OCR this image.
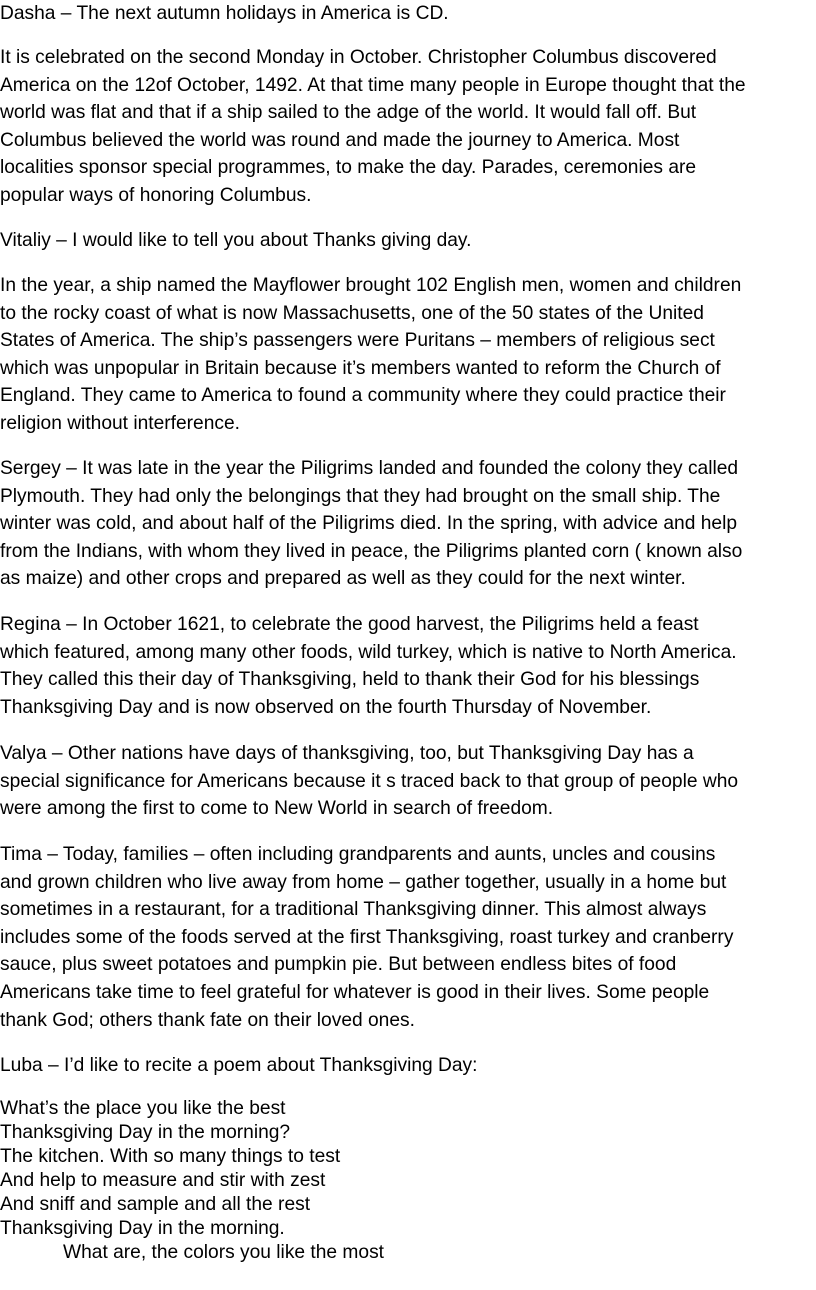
Dasha – The next autumn holidays in America is CD.
It is celebrated on the second Monday in October. Christopher Columbus discovered
America on the 12of October, 1492. At that time many people in Europe thought that the
world was flat and that if a ship sailed to the adge of the world. It would fall off. But
Columbus believed the world was round and made the journey to America. Most
localities sponsor special programmes, to make the day. Parades, ceremonies are
popular ways of honoring Columbus.
Vitaliy – I would like to tell you about Thanks giving day.
In the year, a ship named the Mayflower brought 102 English men, women and children
to the rocky coast of what is now Massachusetts, one of the 50 states of the United
States of America. The ship’s passengers were Puritans – members of religious sect
which was unpopular in Britain because it’s members wanted to reform the Church of
England. They came to America to found a community where they could practice their
religion without interference.
Sergey – It was late in the year the Piligrims landed and founded the colony they called
Plymouth. They had only the belongings that they had brought on the small ship. The
winter was cold, and about half of the Piligrims died. In the spring, with advice and help
from the Indians, with whom they lived in peace, the Piligrims planted corn ( known also
as maize) and other crops and prepared as well as they could for the next winter.
Regina – In October 1621, to celebrate the good harvest, the Piligrims held a feast
which featured, among many other foods, wild turkey, which is native to North America.
They called this their day of Thanksgiving, held to thank their God for his blessings
Thanksgiving Day and is now observed on the fourth Thursday of November.
Valya – Other nations have days of thanksgiving, too, but Thanksgiving Day has a
special significance for Americans because it s traced back to that group of people who
were among the first to come to New World in search of freedom.
Tima – Today, families – often including grandparents and aunts, uncles and cousins
and grown children who live away from home – gather together, usually in a home but
sometimes in a restaurant, for a traditional Thanksgiving dinner. This almost always
includes some of the foods served at the first Thanksgiving, roast turkey and cranberry
sauce, plus sweet potatoes and pumpkin pie. But between endless bites of food
Americans take time to feel grateful for whatever is good in their lives. Some people
thank God; others thank fate on their loved ones.
Luba – I’d like to recite a poem about Thanksgiving Day:
What’s the place you like the best
Thanksgiving Day in the morning?
The kitchen. With so many things to test
And help to measure and stir with zest
And sniff and sample and all the rest
Thanksgiving Day in the morning.
What are, the colors you like the most
